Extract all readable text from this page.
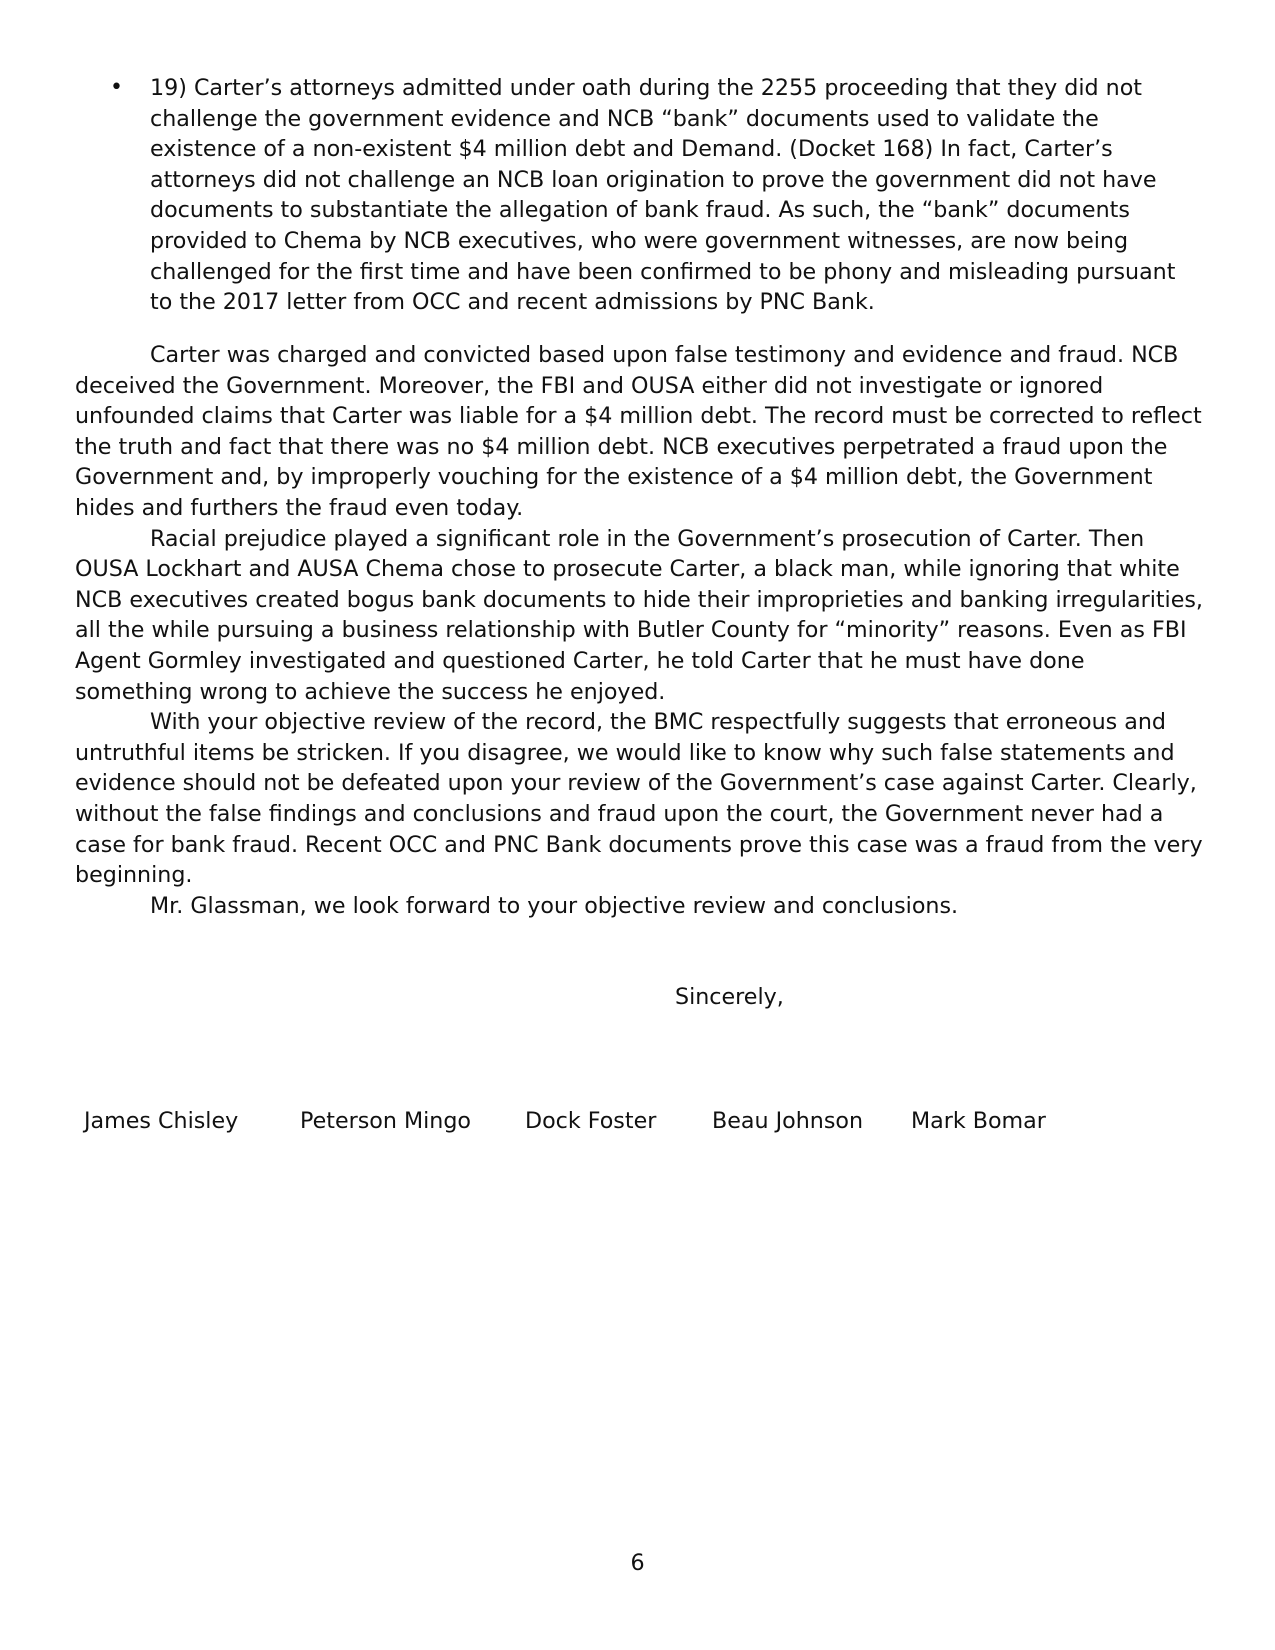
• 19) Carter’s attorneys admitted under oath during the 2255 proceeding that they did not challenge the government evidence and NCB “bank” documents used to validate the existence of a non-existent $4 million debt and Demand. (Docket 168) In fact, Carter’s attorneys did not challenge an NCB loan origination to prove the government did not have documents to substantiate the allegation of bank fraud. As such, the “bank” documents provided to Chema by NCB executives, who were government witnesses, are now being challenged for the first time and have been confirmed to be phony and misleading pursuant to the 2017 letter from OCC and recent admissions by PNC Bank.

Carter was charged and convicted based upon false testimony and evidence and fraud. NCB deceived the Government. Moreover, the FBI and OUSA either did not investigate or ignored unfounded claims that Carter was liable for a $4 million debt. The record must be corrected to reflect the truth and fact that there was no $4 million debt. NCB executives perpetrated a fraud upon the Government and, by improperly vouching for the existence of a $4 million debt, the Government hides and furthers the fraud even today.

Racial prejudice played a significant role in the Government’s prosecution of Carter. Then OUSA Lockhart and AUSA Chema chose to prosecute Carter, a black man, while ignoring that white NCB executives created bogus bank documents to hide their improprieties and banking irregularities, all the while pursuing a business relationship with Butler County for “minority” reasons. Even as FBI Agent Gormley investigated and questioned Carter, he told Carter that he must have done something wrong to achieve the success he enjoyed.

With your objective review of the record, the BMC respectfully suggests that erroneous and untruthful items be stricken. If you disagree, we would like to know why such false statements and evidence should not be defeated upon your review of the Government’s case against Carter. Clearly, without the false findings and conclusions and fraud upon the court, the Government never had a case for bank fraud. Recent OCC and PNC Bank documents prove this case was a fraud from the very beginning.

Mr. Glassman, we look forward to your objective review and conclusions.

Sincerely,
James Chisley	Peterson Mingo Dock Foster	Beau Johnson Mark Bomar
6
